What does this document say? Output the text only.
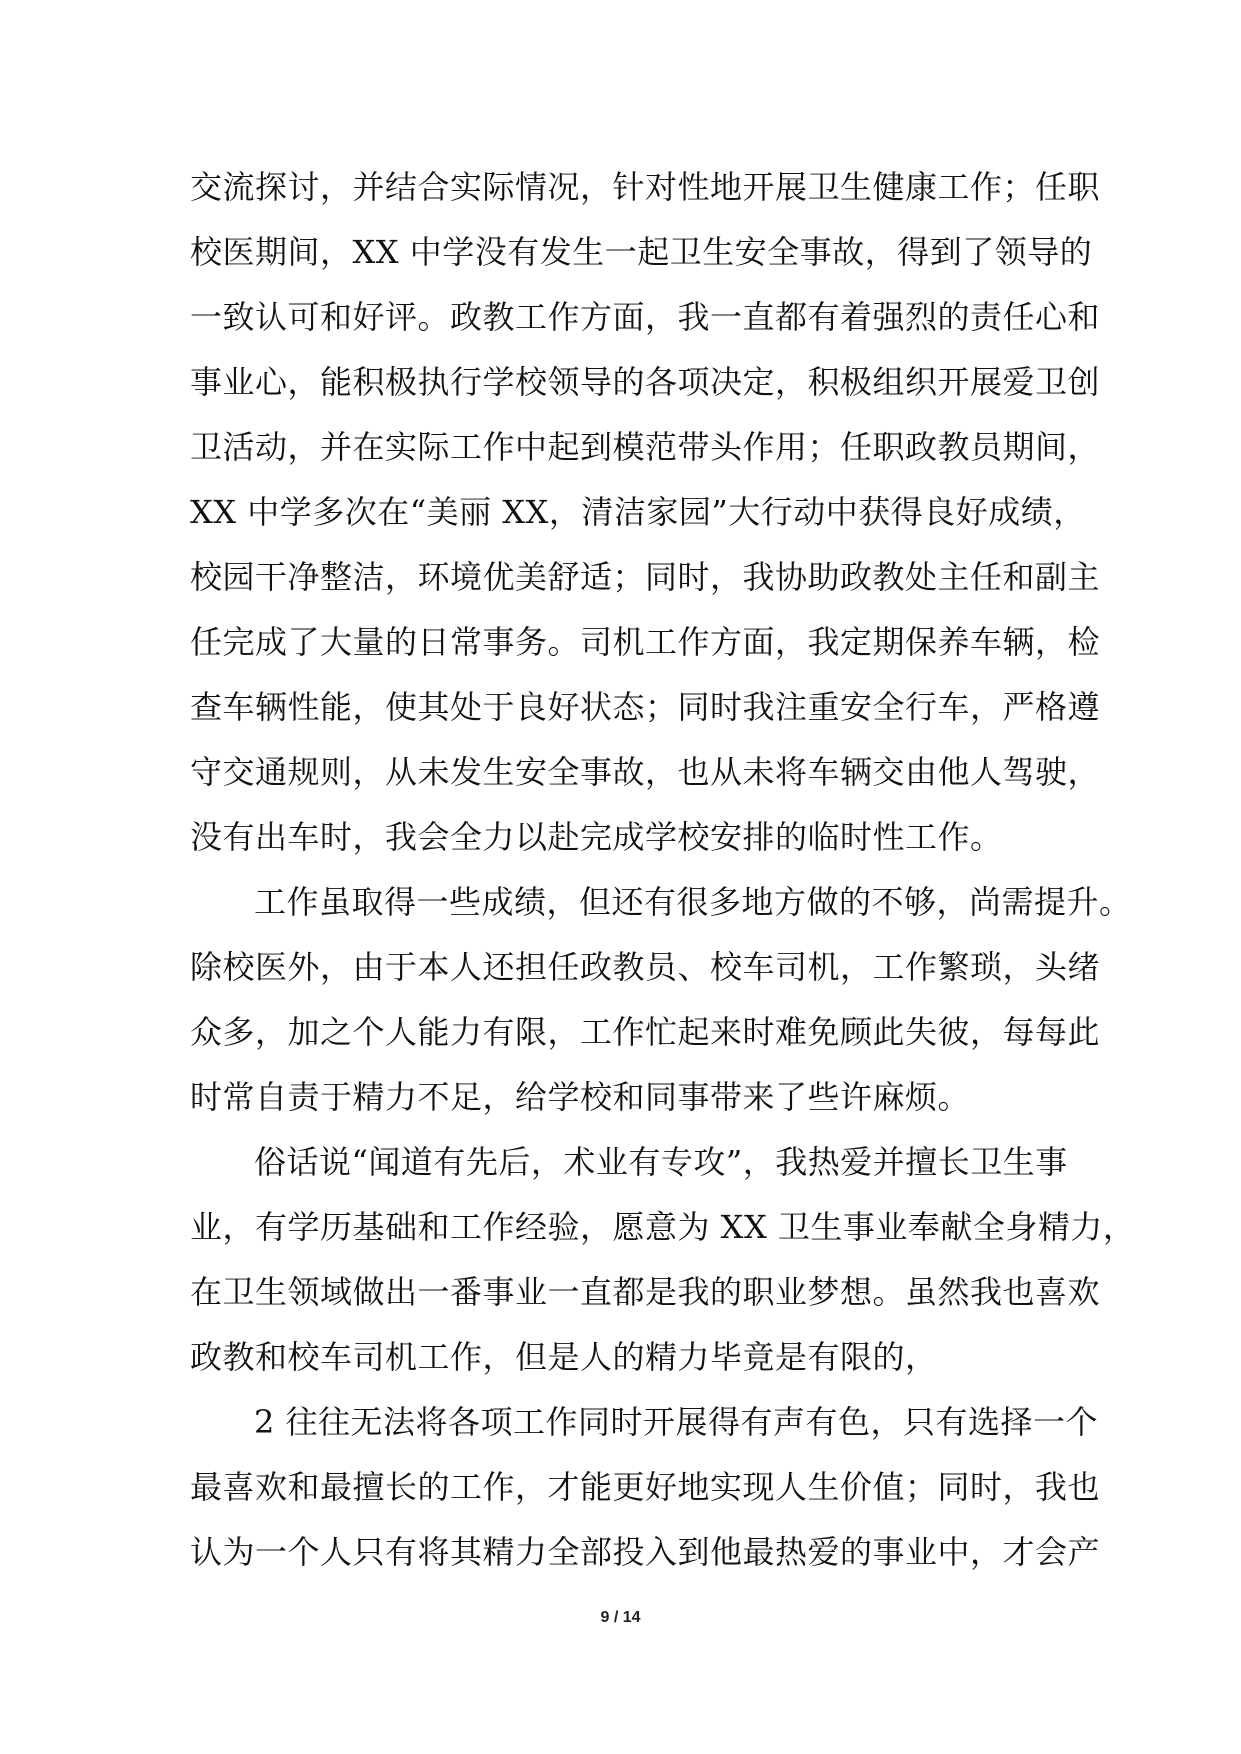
交流探讨，并结合实际情况，针对性地开展卫生健康工作；任职
校医期间，XX 中学没有发生一起卫生安全事故，得到了领导的
一致认可和好评。政教工作方面，我一直都有着强烈的责任心和
事业心，能积极执行学校领导的各项决定，积极组织开展爱卫创
卫活动，并在实际工作中起到模范带头作用；任职政教员期间，
XX 中学多次在“美丽 XX，清洁家园”大行动中获得良好成绩，
校园干净整洁，环境优美舒适；同时，我协助政教处主任和副主
任完成了大量的日常事务。司机工作方面，我定期保养车辆，检
查车辆性能，使其处于良好状态；同时我注重安全行车，严格遵
守交通规则，从未发生安全事故，也从未将车辆交由他人驾驶，
没有出车时，我会全力以赴完成学校安排的临时性工作。
工作虽取得一些成绩，但还有很多地方做的不够，尚需提升。
除校医外，由于本人还担任政教员、校车司机，工作繁琐，头绪
众多，加之个人能力有限，工作忙起来时难免顾此失彼，每每此
时常自责于精力不足，给学校和同事带来了些许麻烦。
俗话说“闻道有先后，术业有专攻”，我热爱并擅长卫生事
业，有学历基础和工作经验，愿意为 XX 卫生事业奉献全身精力，
在卫生领域做出一番事业一直都是我的职业梦想。虽然我也喜欢
政教和校车司机工作，但是人的精力毕竟是有限的，
2 往往无法将各项工作同时开展得有声有色，只有选择一个
最喜欢和最擅长的工作，才能更好地实现人生价值；同时，我也
认为一个人只有将其精力全部投入到他最热爱的事业中，才会产
9 / 14
